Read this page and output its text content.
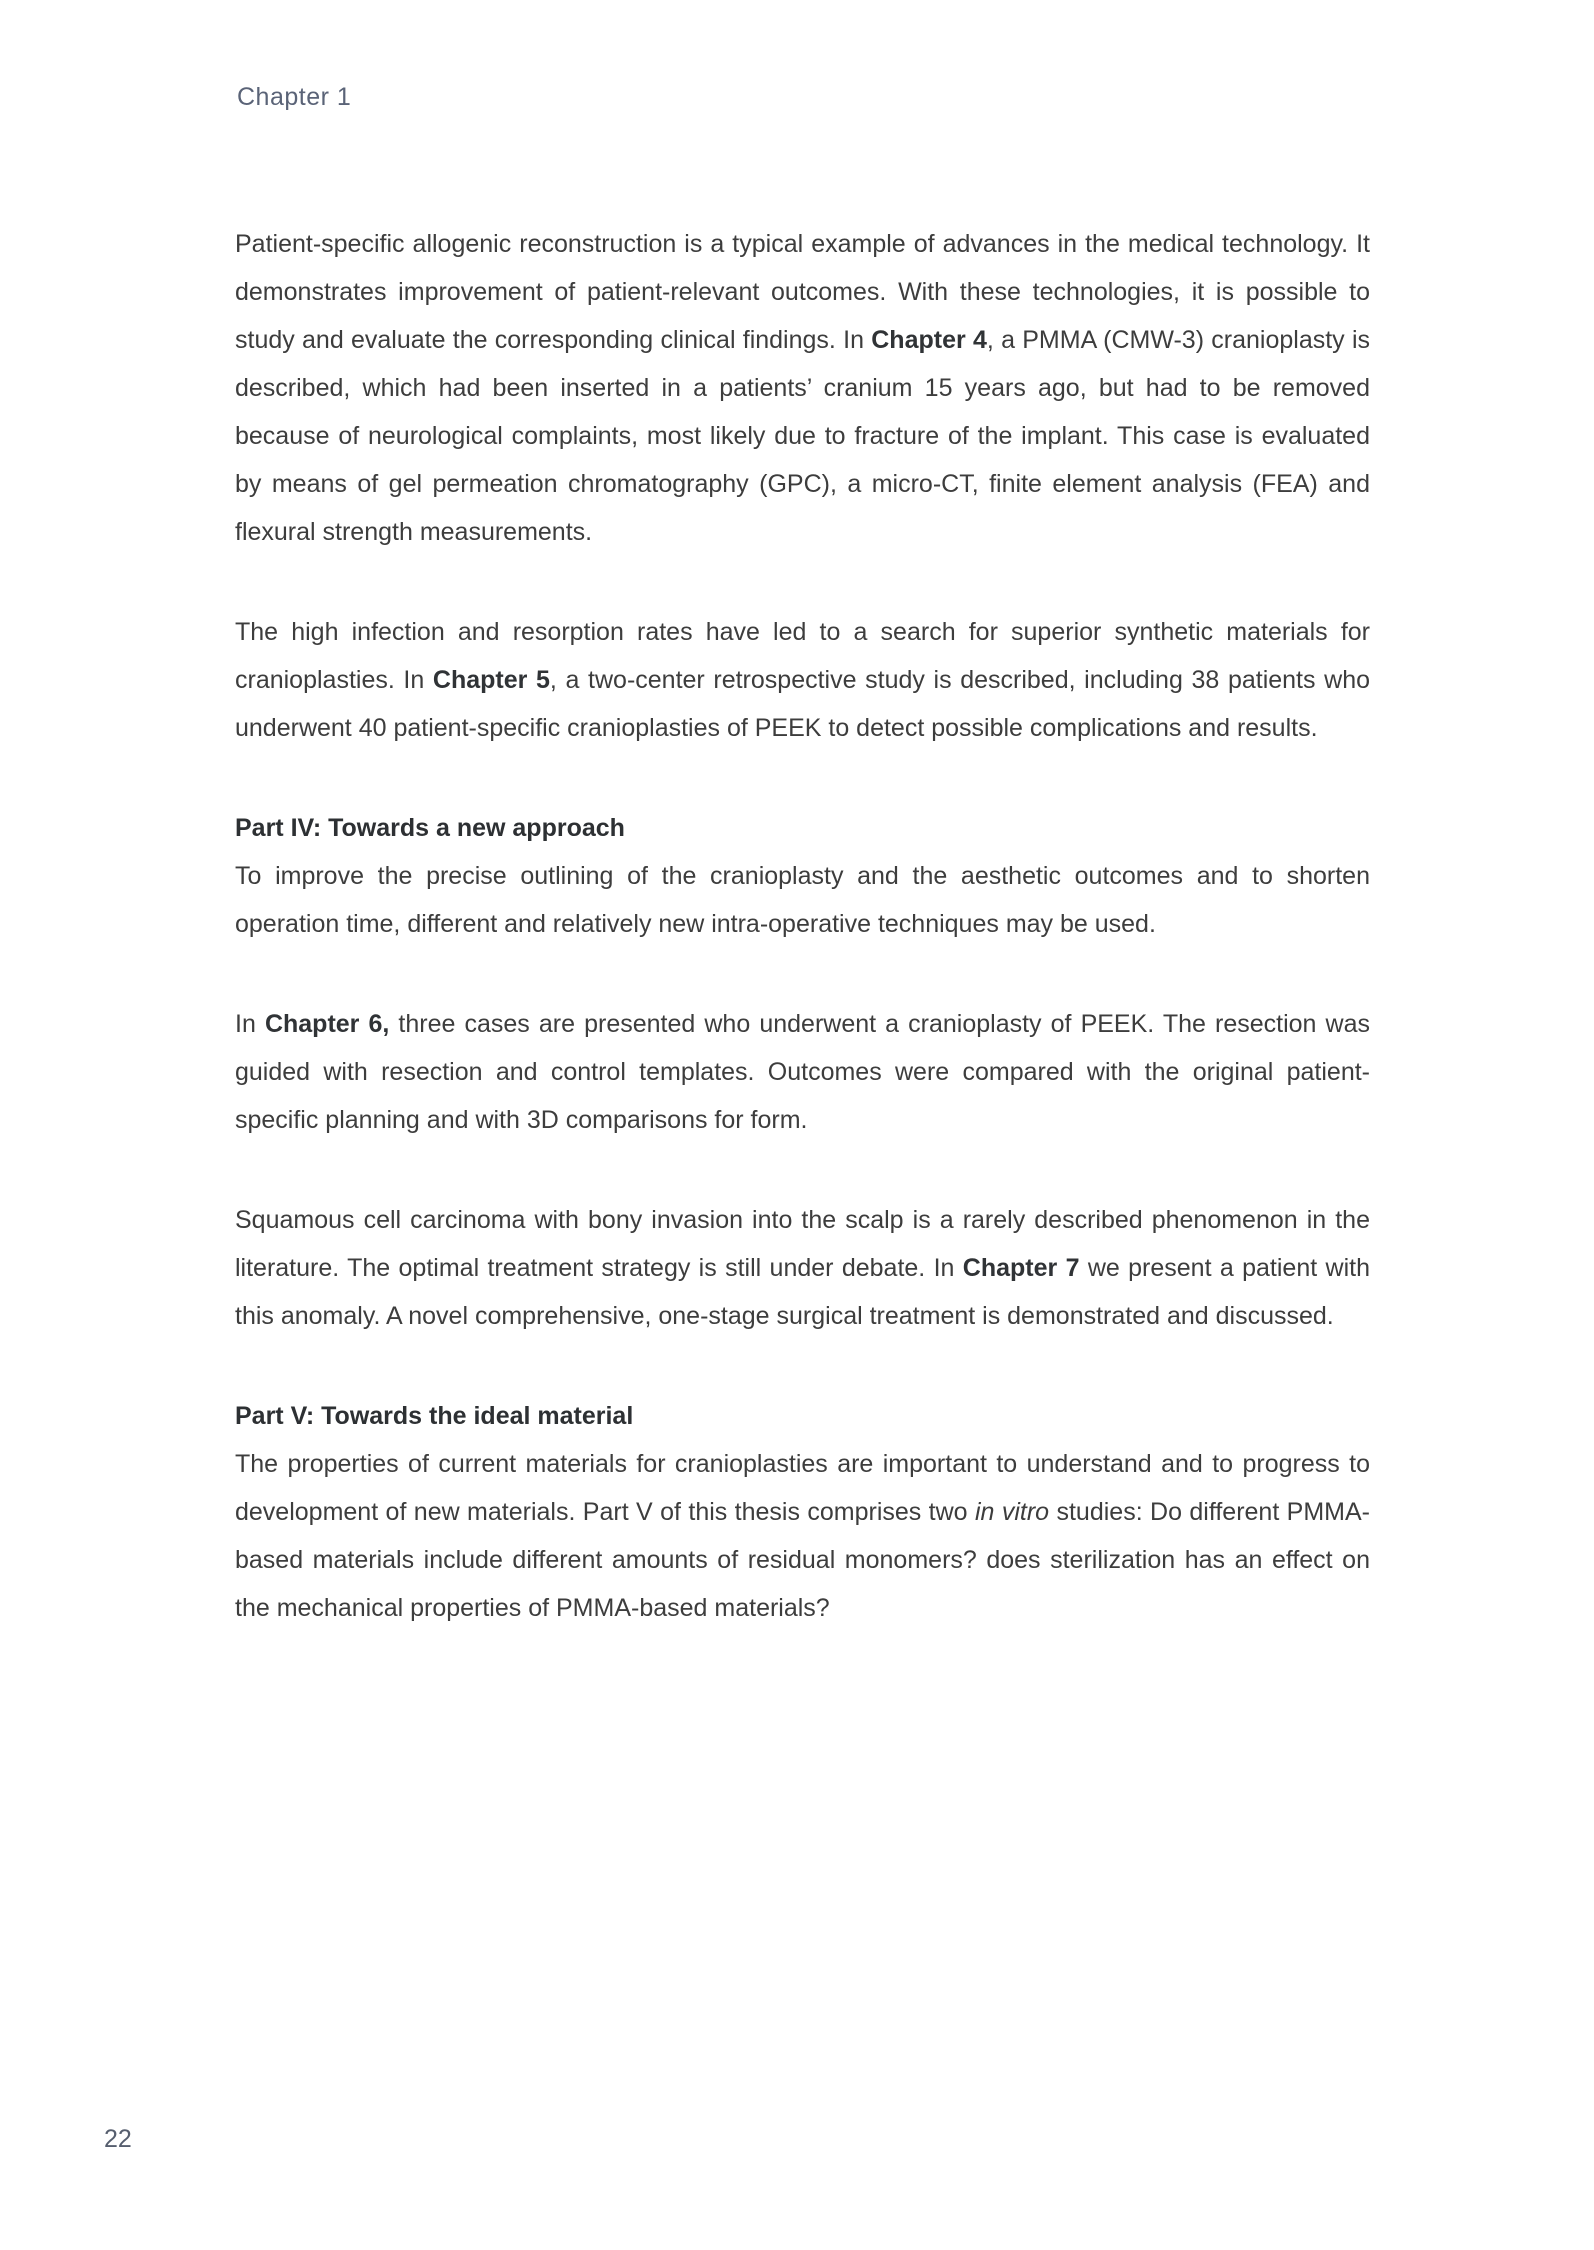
Chapter 1

Patient-specific allogenic reconstruction is a typical example of advances in the medical technology. It demonstrates improvement of patient-relevant outcomes. With these technologies, it is possible to study and evaluate the corresponding clinical findings. In Chapter 4, a PMMA (CMW-3) cranioplasty is described, which had been inserted in a patients’ cranium 15 years ago, but had to be removed because of neurological complaints, most likely due to fracture of the implant. This case is evaluated by means of gel permeation chromatography (GPC), a micro-CT, finite element analysis (FEA) and flexural strength measurements.

The high infection and resorption rates have led to a search for superior synthetic materials for cranioplasties. In Chapter 5, a two-center retrospective study is described, including 38 patients who underwent 40 patient-specific cranioplasties of PEEK to detect possible complications and results.

Part IV: Towards a new approach

To improve the precise outlining of the cranioplasty and the aesthetic outcomes and to shorten operation time, different and relatively new intra-operative techniques may be used.

In Chapter 6, three cases are presented who underwent a cranioplasty of PEEK. The resection was guided with resection and control templates. Outcomes were compared with the original patient-specific planning and with 3D comparisons for form.

Squamous cell carcinoma with bony invasion into the scalp is a rarely described phenomenon in the literature. The optimal treatment strategy is still under debate. In Chapter 7 we present a patient with this anomaly. A novel comprehensive, one-stage surgical treatment is demonstrated and discussed.

Part V: Towards the ideal material

The properties of current materials for cranioplasties are important to understand and to progress to development of new materials. Part V of this thesis comprises two in vitro studies: Do different PMMA-based materials include different amounts of residual monomers? does sterilization has an effect on the mechanical properties of PMMA-based materials?

22
